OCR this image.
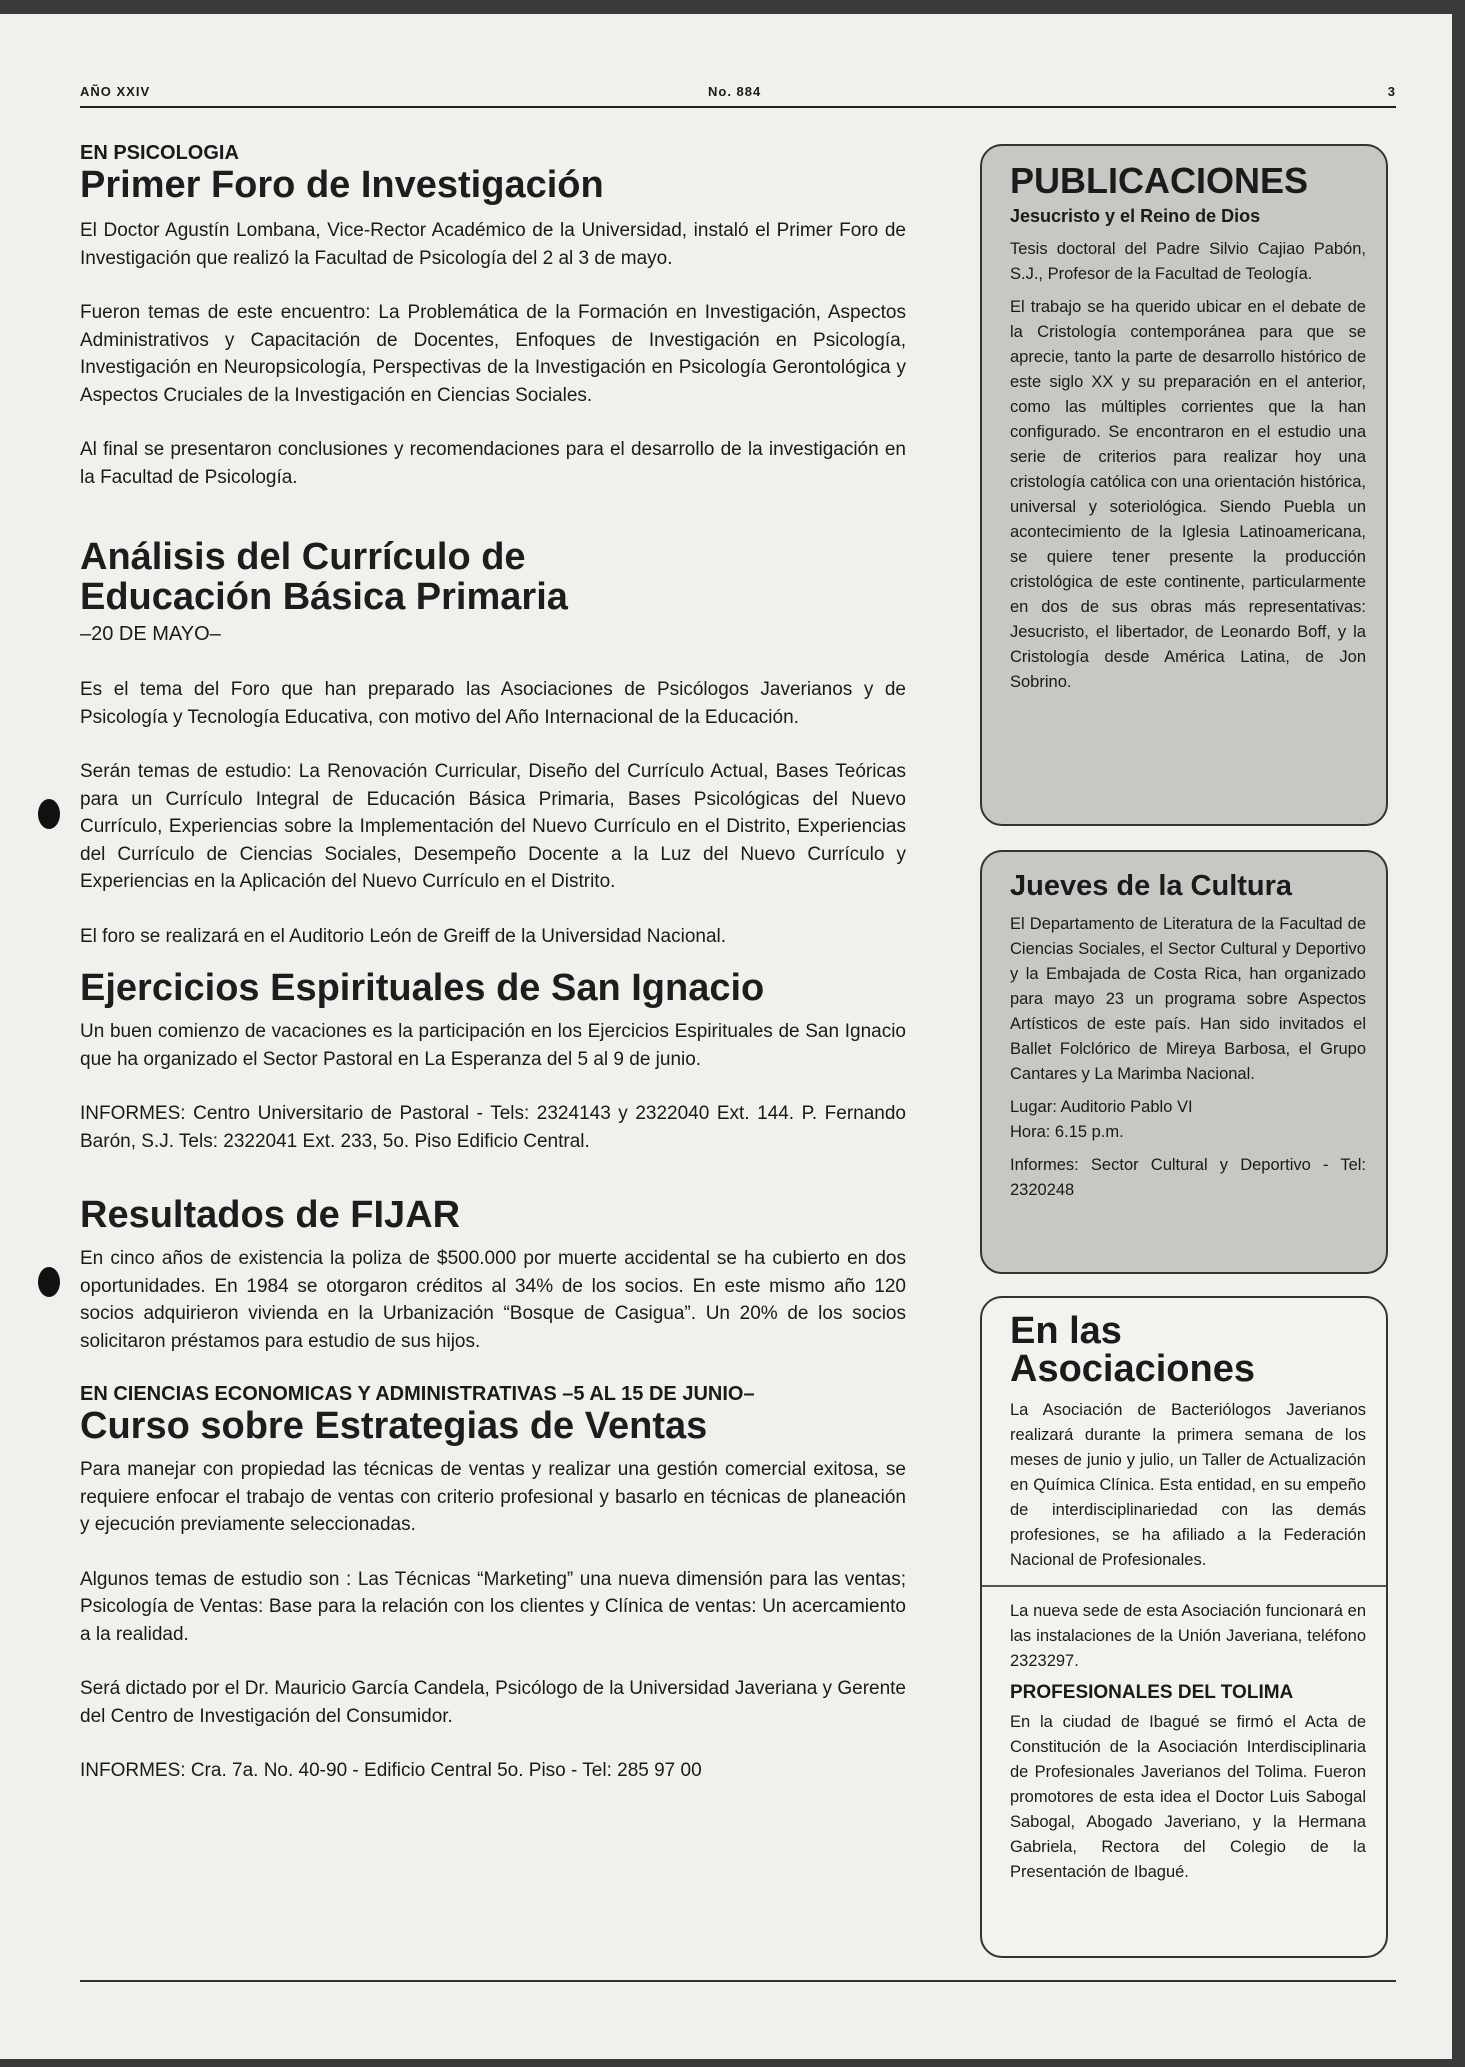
AÑO XXIV	No. 884	3
EN PSICOLOGIA
Primer Foro de Investigación

El Doctor Agustín Lombana, Vice-Rector Académico de la Universidad, instaló el Primer Foro de Investigación que realizó la Facultad de Psicología del 2 al 3 de mayo.

Fueron temas de este encuentro: La Problemática de la Formación en Investigación, Aspectos Administrativos y Capacitación de Docentes, Enfoques de Investigación en Psicología, Investigación en Neuropsicología, Perspectivas de la Investigación en Psicología Gerontológica y Aspectos Cruciales de la Investigación en Ciencias Sociales.

Al final se presentaron conclusiones y recomendaciones para el desarrollo de la investigación en la Facultad de Psicología.

Análisis del Currículo de
Educación Básica Primaria
–20 DE MAYO–

Es el tema del Foro que han preparado las Asociaciones de Psicólogos Javerianos y de Psicología y Tecnología Educativa, con motivo del Año Internacional de la Educación.

Serán temas de estudio: La Renovación Curricular, Diseño del Currículo Actual, Bases Teóricas para un Currículo Integral de Educación Básica Primaria, Bases Psicológicas del Nuevo Currículo, Experiencias sobre la Implementación del Nuevo Currículo en el Distrito, Experiencias del Currículo de Ciencias Sociales, Desempeño Docente a la Luz del Nuevo Currículo y Experiencias en la Aplicación del Nuevo Currículo en el Distrito.

El foro se realizará en el Auditorio León de Greiff de la Universidad Nacional.

Ejercicios Espirituales de San Ignacio

Un buen comienzo de vacaciones es la participación en los Ejercicios Espirituales de San Ignacio que ha organizado el Sector Pastoral en La Esperanza del 5 al 9 de junio.

INFORMES: Centro Universitario de Pastoral - Tels: 2324143 y 2322040 Ext. 144. P. Fernando Barón, S.J. Tels: 2322041 Ext. 233, 5o. Piso Edificio Central.

Resultados de FIJAR

En cinco años de existencia la poliza de $500.000 por muerte accidental se ha cubierto en dos oportunidades. En 1984 se otorgaron créditos al 34% de los socios. En este mismo año 120 socios adquirieron vivienda en la Urbanización “Bosque de Casigua”. Un 20% de los socios solicitaron préstamos para estudio de sus hijos.

EN CIENCIAS ECONOMICAS Y ADMINISTRATIVAS –5 AL 15 DE JUNIO–
Curso sobre Estrategias de Ventas

Para manejar con propiedad las técnicas de ventas y realizar una gestión comercial exitosa, se requiere enfocar el trabajo de ventas con criterio profesional y basarlo en técnicas de planeación y ejecución previamente seleccionadas.

Algunos temas de estudio son : Las Técnicas “Marketing” una nueva dimensión para las ventas; Psicología de Ventas: Base para la relación con los clientes y Clínica de ventas: Un acercamiento a la realidad.

Será dictado por el Dr. Mauricio García Candela, Psicólogo de la Universidad Javeriana y Gerente del Centro de Investigación del Consumidor.

INFORMES: Cra. 7a. No. 40-90 - Edificio Central 5o. Piso - Tel: 285 97 00

PUBLICACIONES
Jesucristo y el Reino de Dios

Tesis doctoral del Padre Silvio Cajiao Pabón, S.J., Profesor de la Facultad de Teología.

El trabajo se ha querido ubicar en el debate de la Cristología contemporánea para que se aprecie, tanto la parte de desarrollo histórico de este siglo XX y su preparación en el anterior, como las múltiples corrientes que la han configurado. Se encontraron en el estudio una serie de criterios para realizar hoy una cristología católica con una orientación histórica, universal y soteriológica. Siendo Puebla un acontecimiento de la Iglesia Latinoamericana, se quiere tener presente la producción cristológica de este continente, particularmente en dos de sus obras más representativas: Jesucristo, el libertador, de Leonardo Boff, y la Cristología desde América Latina, de Jon Sobrino.

Jueves de la Cultura

El Departamento de Literatura de la Facultad de Ciencias Sociales, el Sector Cultural y Deportivo y la Embajada de Costa Rica, han organizado para mayo 23 un programa sobre Aspectos Artísticos de este país. Han sido invitados el Ballet Folclórico de Mireya Barbosa, el Grupo Cantares y La Marimba Nacional.

Lugar: Auditorio Pablo VI

Hora: 6.15 p.m.

Informes: Sector Cultural y Deportivo - Tel: 2320248

En las
Asociaciones

La Asociación de Bacteriólogos Javerianos realizará durante la primera semana de los meses de junio y julio, un Taller de Actualización en Química Clínica. Esta entidad, en su empeño de interdisciplinariedad con las demás profesiones, se ha afiliado a la Federación Nacional de Profesionales.

La nueva sede de esta Asociación funcionará en las instalaciones de la Unión Javeriana, teléfono 2323297.

PROFESIONALES DEL TOLIMA

En la ciudad de Ibagué se firmó el Acta de Constitución de la Asociación Interdisciplinaria de Profesionales Javerianos del Tolima. Fueron promotores de esta idea el Doctor Luis Sabogal Sabogal, Abogado Javeriano, y la Hermana Gabriela, Rectora del Colegio de la Presentación de Ibagué.
